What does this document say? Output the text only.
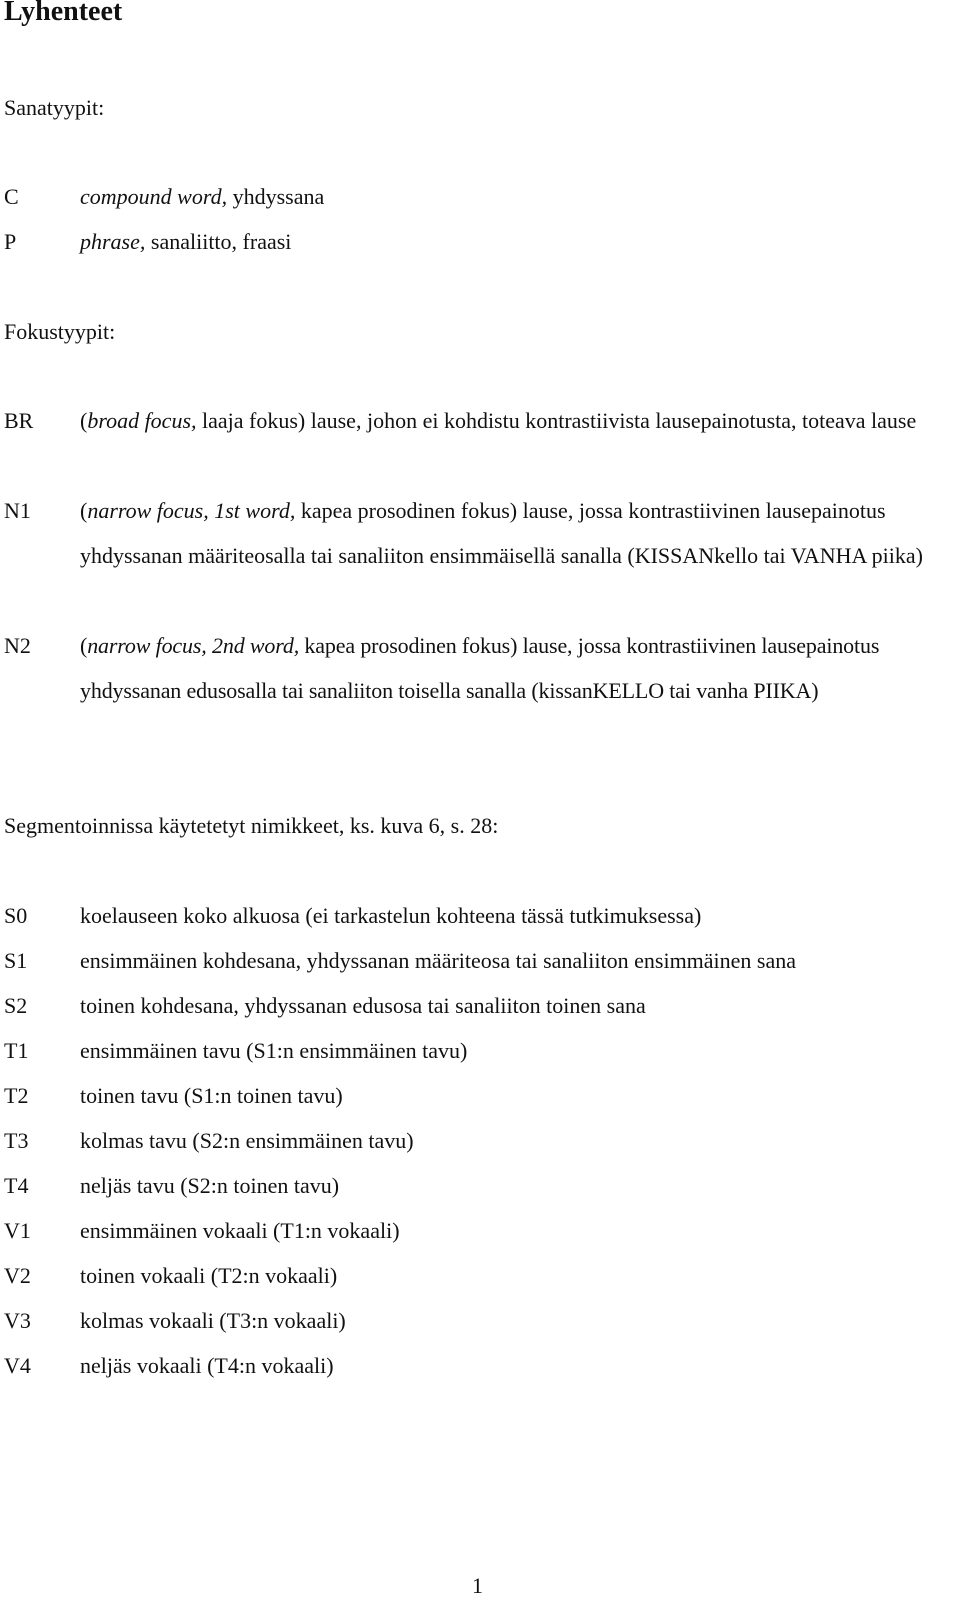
Lyhenteet
Sanatyypit:
C	compound word, yhdyssana
P	phrase, sanaliitto, fraasi
Fokustyypit:
BR (broad focus, laaja fokus) lause, johon ei kohdistu kontrastiivista lausepainotusta, toteava lause
N1 (narrow focus, 1st word, kapea prosodinen fokus) lause, jossa kontrastiivinen lausepainotus yhdyssanan määriteosalla tai sanaliiton ensimmäisellä sanalla (KISSANkello tai VANHA piika)
N2 (narrow focus, 2nd word, kapea prosodinen fokus) lause, jossa kontrastiivinen lausepainotus yhdyssanan edusosalla tai sanaliiton toisella sanalla (kissanKELLO tai vanha PIIKA)
Segmentoinnissa käytetetyt nimikkeet, ks. kuva 6, s. 28:
S0 koelauseen koko alkuosa (ei tarkastelun kohteena tässä tutkimuksessa)
S1 ensimmäinen kohdesana, yhdyssanan määriteosa tai sanaliiton ensimmäinen sana
S2 toinen kohdesana, yhdyssanan edusosa tai sanaliiton toinen sana
T1 ensimmäinen tavu (S1:n ensimmäinen tavu)
T2 toinen tavu (S1:n toinen tavu)
T3 kolmas tavu (S2:n ensimmäinen tavu)
T4 neljäs tavu (S2:n toinen tavu)
V1 ensimmäinen vokaali (T1:n vokaali)
V2 toinen vokaali (T2:n vokaali)
V3 kolmas vokaali (T3:n vokaali)
V4 neljäs vokaali (T4:n vokaali)
1
